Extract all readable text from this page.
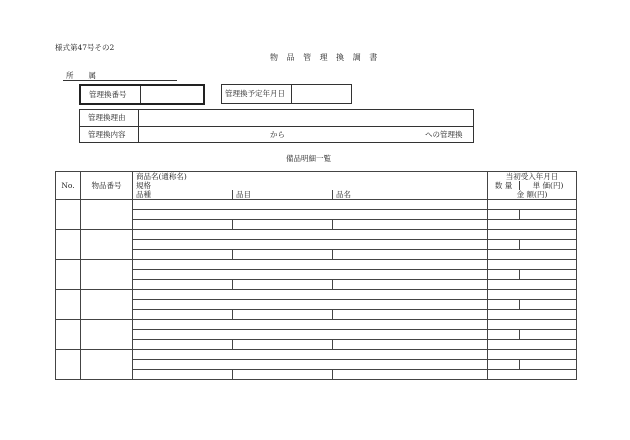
様式第47号その2
物 品 管 理 換 調 書
所　　属
管理換番号	管理換予定年月日
管理換理由
管理換内容	から	への管理換
備品明細一覧
No.	物品番号	商品名(通称名)			当初受入年月日	
		規格			数 量	単 価(円)
		品種	品目	品名	金 額(円)	
